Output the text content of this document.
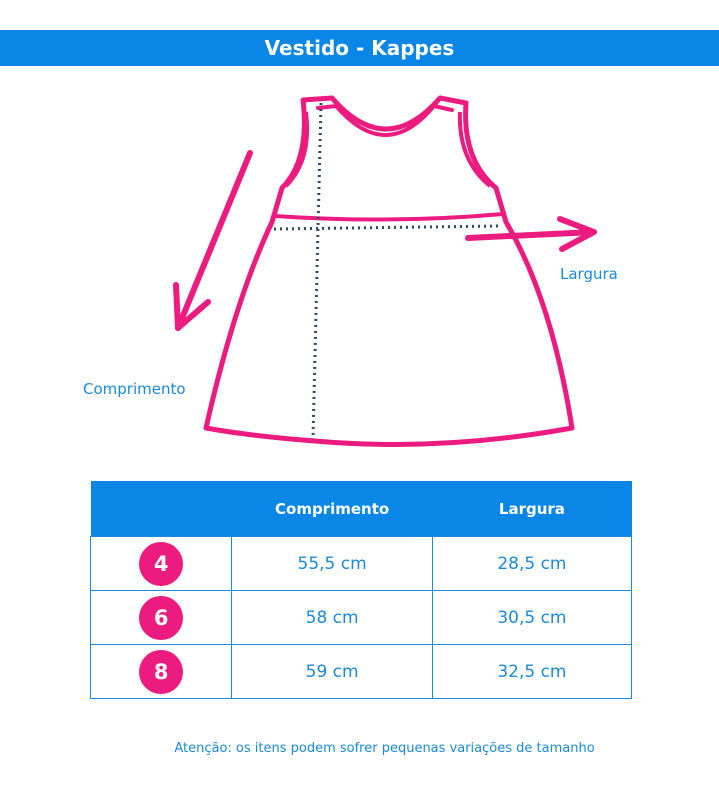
Vestido - Kappes
Comprimento
Largura
	Comprimento	Largura
4	55,5 cm	28,5 cm
6	58 cm	30,5 cm
8	59 cm	32,5 cm
Atenção: os itens podem sofrer pequenas variações de tamanho
